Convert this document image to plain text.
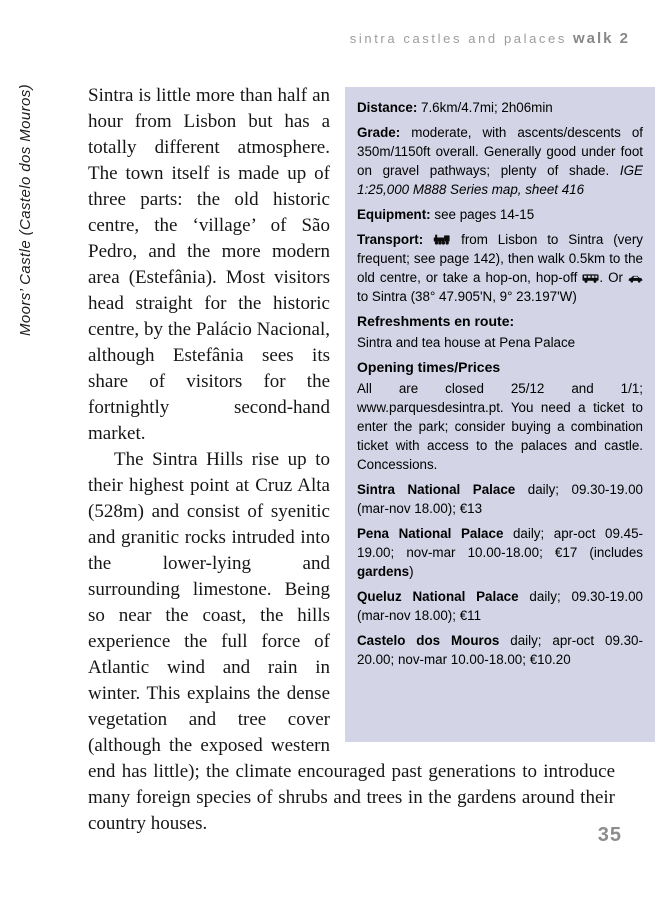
sintra castles and palaces walk 2
Moors’ Castle (Castelo dos Mouros)	Distance: 7.6km/4.7mi; 2h06min

Grade: moderate, with ascents/descents of 350m/1150ft overall. Generally good under foot on gravel pathways; plenty of shade. IGE 1:25,000 M888 Series map, sheet 416

Equipment: see pages 14-15

Transport:	from Lisbon to Sintra (very frequent; see page 142), then walk 0.5km to the old centre, or take a hop-on, hop-off . Or  to Sintra (38° 47.905'N, 9° 23.197'W)

Refreshments en route:

Sintra and tea house at Pena Palace

Opening times/Prices

All are closed 25/12 and 1/1; www.parquesdesintra.pt. You need a ticket to enter the park; consider buying a combination ticket with access to the palaces and castle. Concessions.

Sintra National Palace daily; 09.30-19.00 (mar-nov 18.00); €13

Pena National Palace daily; apr-oct 09.45-19.00; nov-mar 10.00-18.00; €17 (includes gardens)

Queluz National Palace daily; 09.30-19.00 (mar-nov 18.00); €11

Castelo dos Mouros daily; apr-oct 09.30-20.00; nov-mar 10.00-18.00; €10.20

Sintra is little more than half an hour from Lisbon but has a totally different atmosphere. The town itself is made up of three parts: the old historic centre, the ‘village’ of São Pedro, and the more modern area (Estefânia). Most visitors head straight for the historic centre, by the Palácio Nacional, although Estefânia sees its share of visitors for the fortnightly second-hand market.

The Sintra Hills rise up to their highest point at Cruz Alta (528m) and consist of syenitic and granitic rocks intruded into the lower-lying and surrounding limestone. Being so near the coast, the hills experience the full force of Atlantic wind and rain in winter. This explains the dense vegetation and tree cover (although the exposed western end has little); the climate encouraged past generations to introduce many foreign species of shrubs and trees in the gardens around their country houses.

35
